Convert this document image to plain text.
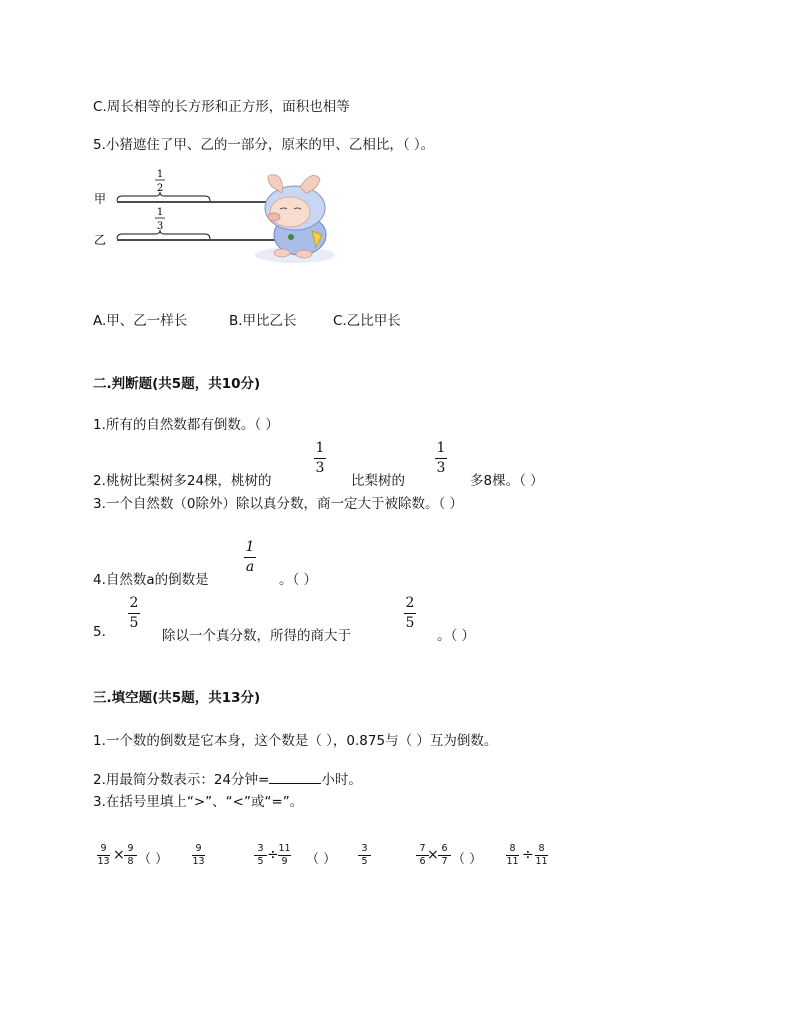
C.周长相等的长方形和正方形，面积也相等
5.小猪遮住了甲、乙的一部分，原来的甲、乙相比，（ ）。
甲
乙
1
2
1
3
A.甲、乙一样长	B.甲比乙长	C.乙比甲长
二.判断题(共5题，共10分)
1.所有的自然数都有倒数。（ ）
2.桃树比梨树多24棵，桃树的
1
3
比梨树的
1
3
多8棵。（ ）
3.一个自然数（0除外）除以真分数，商一定大于被除数。（ ）
4.自然数a的倒数是
1
a
。（ ）
5.
2
5
除以一个真分数，所得的商大于
2
5
。（ ）
三.填空题(共5题，共13分)
1.一个数的倒数是它本身，这个数是（ ），0.875与（ ）互为倒数。
2.用最简分数表示：24分钟=	小时。
3.在括号里填上“>”、“<”或“=”。
9
13 × 9
8 （ ）
9
13
3
5 ÷ 11
9 （ ）
3
5
7
6 × 6
7 （ ）
8
11 ÷ 8
11
